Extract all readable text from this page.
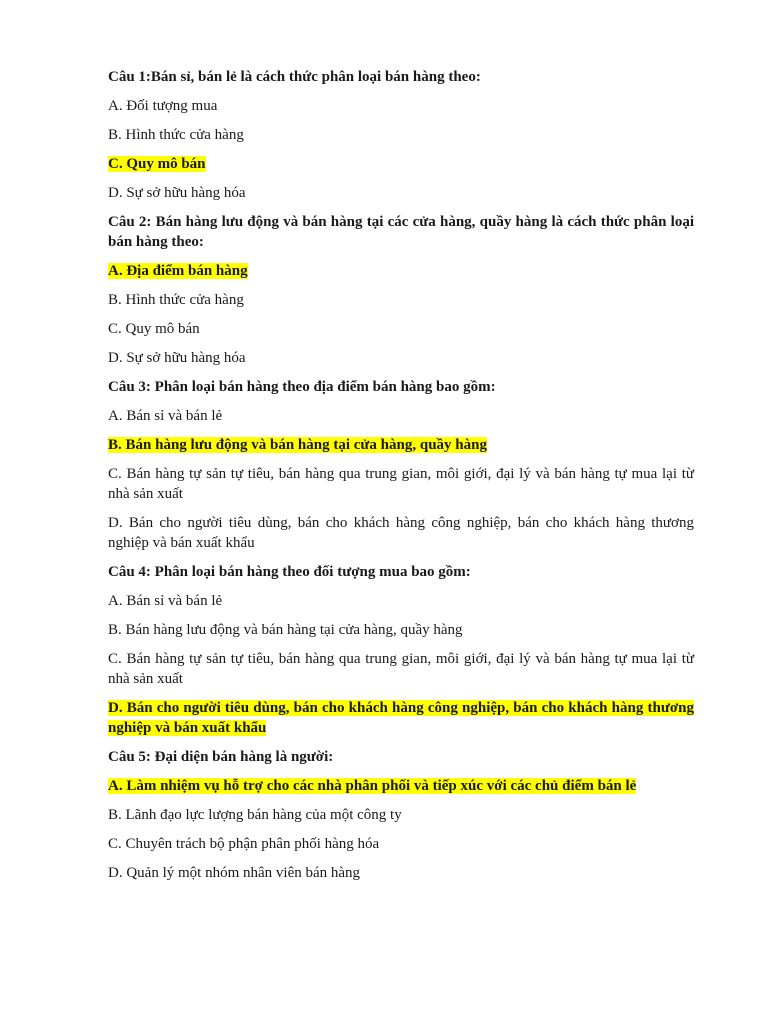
Câu 1:Bán sỉ, bán lẻ là cách thức phân loại bán hàng theo:

A. Đối tượng mua

B. Hình thức cửa hàng

C. Quy mô bán

D. Sự sở hữu hàng hóa

Câu 2: Bán hàng lưu động và bán hàng tại các cửa hàng, quầy hàng là cách thức phân loại bán hàng theo:

A. Địa điểm bán hàng

B. Hình thức cửa hàng

C. Quy mô bán

D. Sự sở hữu hàng hóa

Câu 3: Phân loại bán hàng theo địa điểm bán hàng bao gồm:

A. Bán sỉ và bán lẻ

B. Bán hàng lưu động và bán hàng tại cửa hàng, quầy hàng

C. Bán hàng tự sản tự tiêu, bán hàng qua trung gian, môi giới, đại lý và bán hàng tự mua lại từ nhà sản xuất

D. Bán cho người tiêu dùng, bán cho khách hàng công nghiệp, bán cho khách hàng thương nghiệp và bán xuất khẩu

Câu 4: Phân loại bán hàng theo đối tượng mua bao gồm:

A. Bán sỉ và bán lẻ

B. Bán hàng lưu động và bán hàng tại cửa hàng, quầy hàng

C. Bán hàng tự sản tự tiêu, bán hàng qua trung gian, môi giới, đại lý và bán hàng tự mua lại từ nhà sản xuất

D. Bán cho người tiêu dùng, bán cho khách hàng công nghiệp, bán cho khách hàng thương nghiệp và bán xuất khẩu

Câu 5: Đại diện bán hàng là người:

A. Làm nhiệm vụ hỗ trợ cho các nhà phân phối và tiếp xúc với các chủ điểm bán lẻ

B. Lãnh đạo lực lượng bán hàng của một công ty

C. Chuyên trách bộ phận phân phối hàng hóa

D. Quản lý một nhóm nhân viên bán hàng
